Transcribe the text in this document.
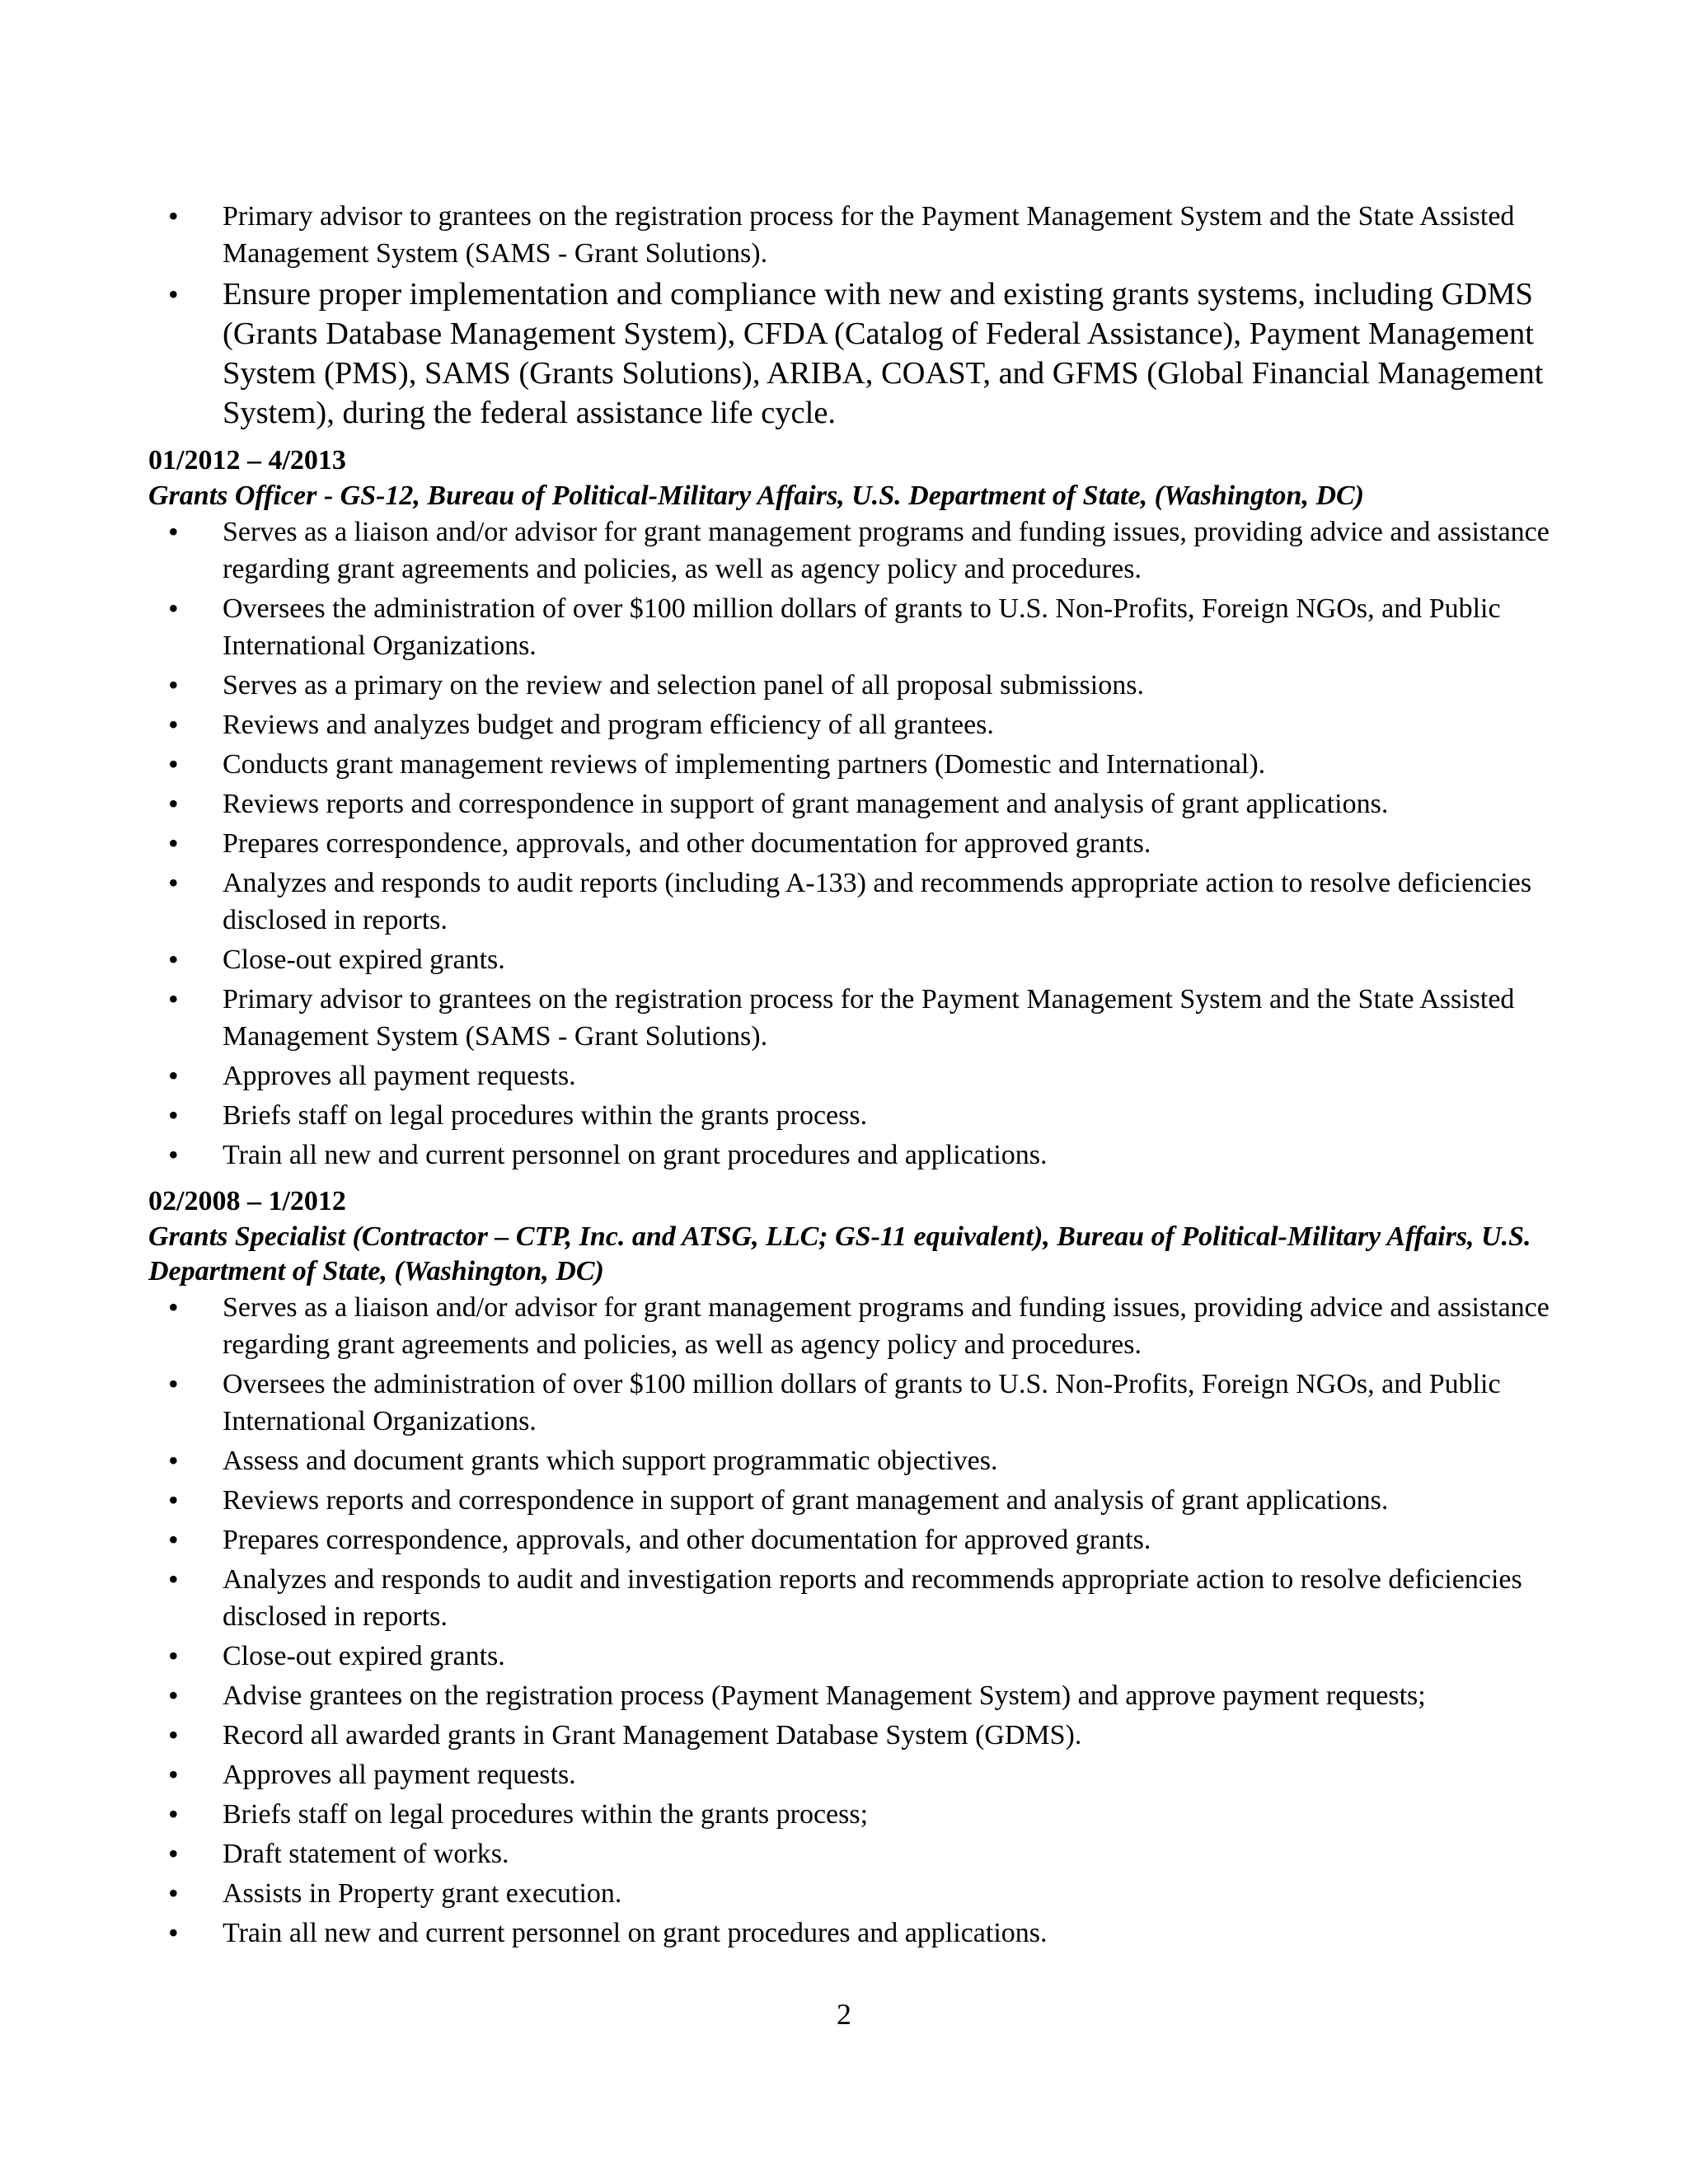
• Primary advisor to grantees on the registration process for the Payment Management System and the State Assisted Management System (SAMS - Grant Solutions).
• Ensure proper implementation and compliance with new and existing grants systems, including GDMS (Grants Database Management System), CFDA (Catalog of Federal Assistance), Payment Management System (PMS), SAMS (Grants Solutions), ARIBA, COAST, and GFMS (Global Financial Management System), during the federal assistance life cycle.
01/2012 – 4/2013
Grants Officer - GS-12, Bureau of Political-Military Affairs, U.S. Department of State, (Washington, DC)
• Serves as a liaison and/or advisor for grant management programs and funding issues, providing advice and assistance regarding grant agreements and policies, as well as agency policy and procedures.
• Oversees the administration of over $100 million dollars of grants to U.S. Non-Profits, Foreign NGOs, and Public International Organizations.
• Serves as a primary on the review and selection panel of all proposal submissions.
• Reviews and analyzes budget and program efficiency of all grantees.
• Conducts grant management reviews of implementing partners (Domestic and International).
• Reviews reports and correspondence in support of grant management and analysis of grant applications.
• Prepares correspondence, approvals, and other documentation for approved grants.
• Analyzes and responds to audit reports (including A-133) and recommends appropriate action to resolve deficiencies disclosed in reports.
• Close-out expired grants.
• Primary advisor to grantees on the registration process for the Payment Management System and the State Assisted Management System (SAMS - Grant Solutions).
• Approves all payment requests.
• Briefs staff on legal procedures within the grants process.
• Train all new and current personnel on grant procedures and applications.
02/2008 – 1/2012
Grants Specialist (Contractor – CTP, Inc. and ATSG, LLC; GS-11 equivalent), Bureau of Political-Military Affairs, U.S. Department of State, (Washington, DC)
• Serves as a liaison and/or advisor for grant management programs and funding issues, providing advice and assistance regarding grant agreements and policies, as well as agency policy and procedures.
• Oversees the administration of over $100 million dollars of grants to U.S. Non-Profits, Foreign NGOs, and Public International Organizations.
• Assess and document grants which support programmatic objectives.
• Reviews reports and correspondence in support of grant management and analysis of grant applications.
• Prepares correspondence, approvals, and other documentation for approved grants.
• Analyzes and responds to audit and investigation reports and recommends appropriate action to resolve deficiencies disclosed in reports.
• Close-out expired grants.
• Advise grantees on the registration process (Payment Management System) and approve payment requests;
• Record all awarded grants in Grant Management Database System (GDMS).
• Approves all payment requests.
• Briefs staff on legal procedures within the grants process;
• Draft statement of works.
• Assists in Property grant execution.
• Train all new and current personnel on grant procedures and applications.
2
